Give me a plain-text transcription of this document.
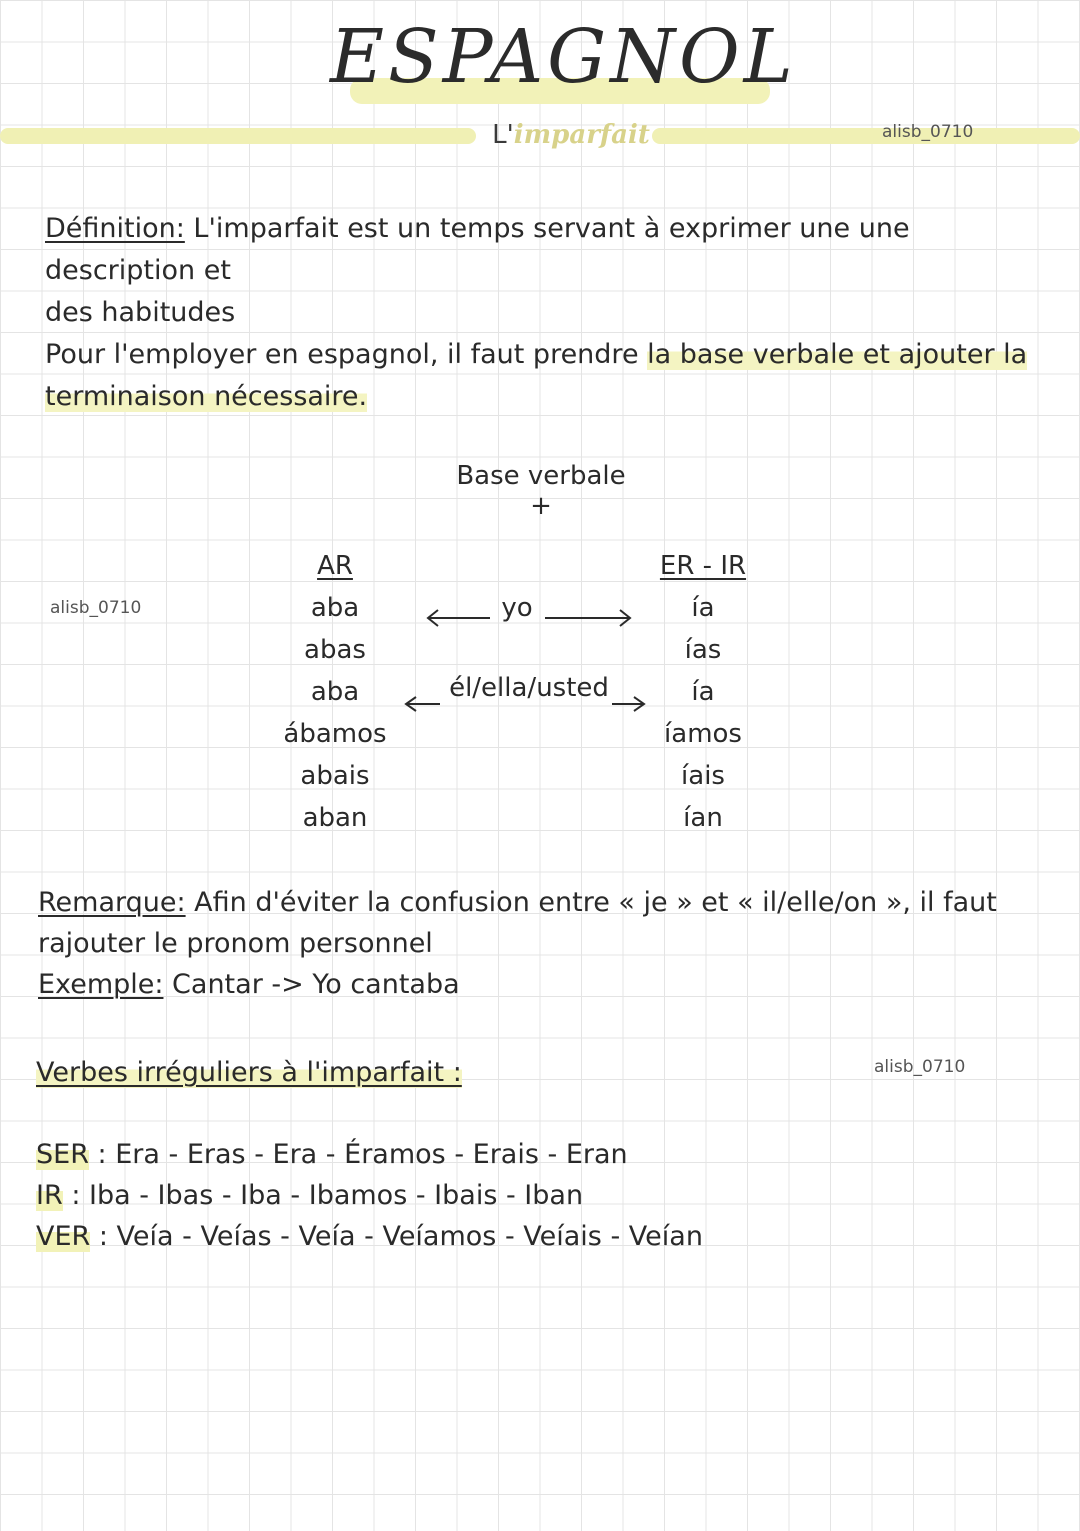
ESPAGNOL
L'imparfait	alisb_0710
Définition: L'imparfait est un temps servant à exprimer une une description et
des habitudes
Pour l'employer en espagnol, il faut prendre la base verbale et ajouter la
terminaison nécessaire.
Base verbale +
alisb_0710
AR
aba
abas
aba
ábamos
abais
aban
ER - IR
ía
ías
ía
íamos
íais
ían
yo
él/ella/usted
Remarque: Afin d'éviter la confusion entre « je » et « il/elle/on », il faut
rajouter le pronom personnel
Exemple: Cantar -> Yo cantaba
Verbes irréguliers à l'imparfait :	alisb_0710
SER : Era - Eras - Era - Éramos - Erais - Eran
IR : Iba - Ibas - Iba - Ibamos - Ibais - Iban
VER : Veía - Veías - Veía - Veíamos - Veíais - Veían
